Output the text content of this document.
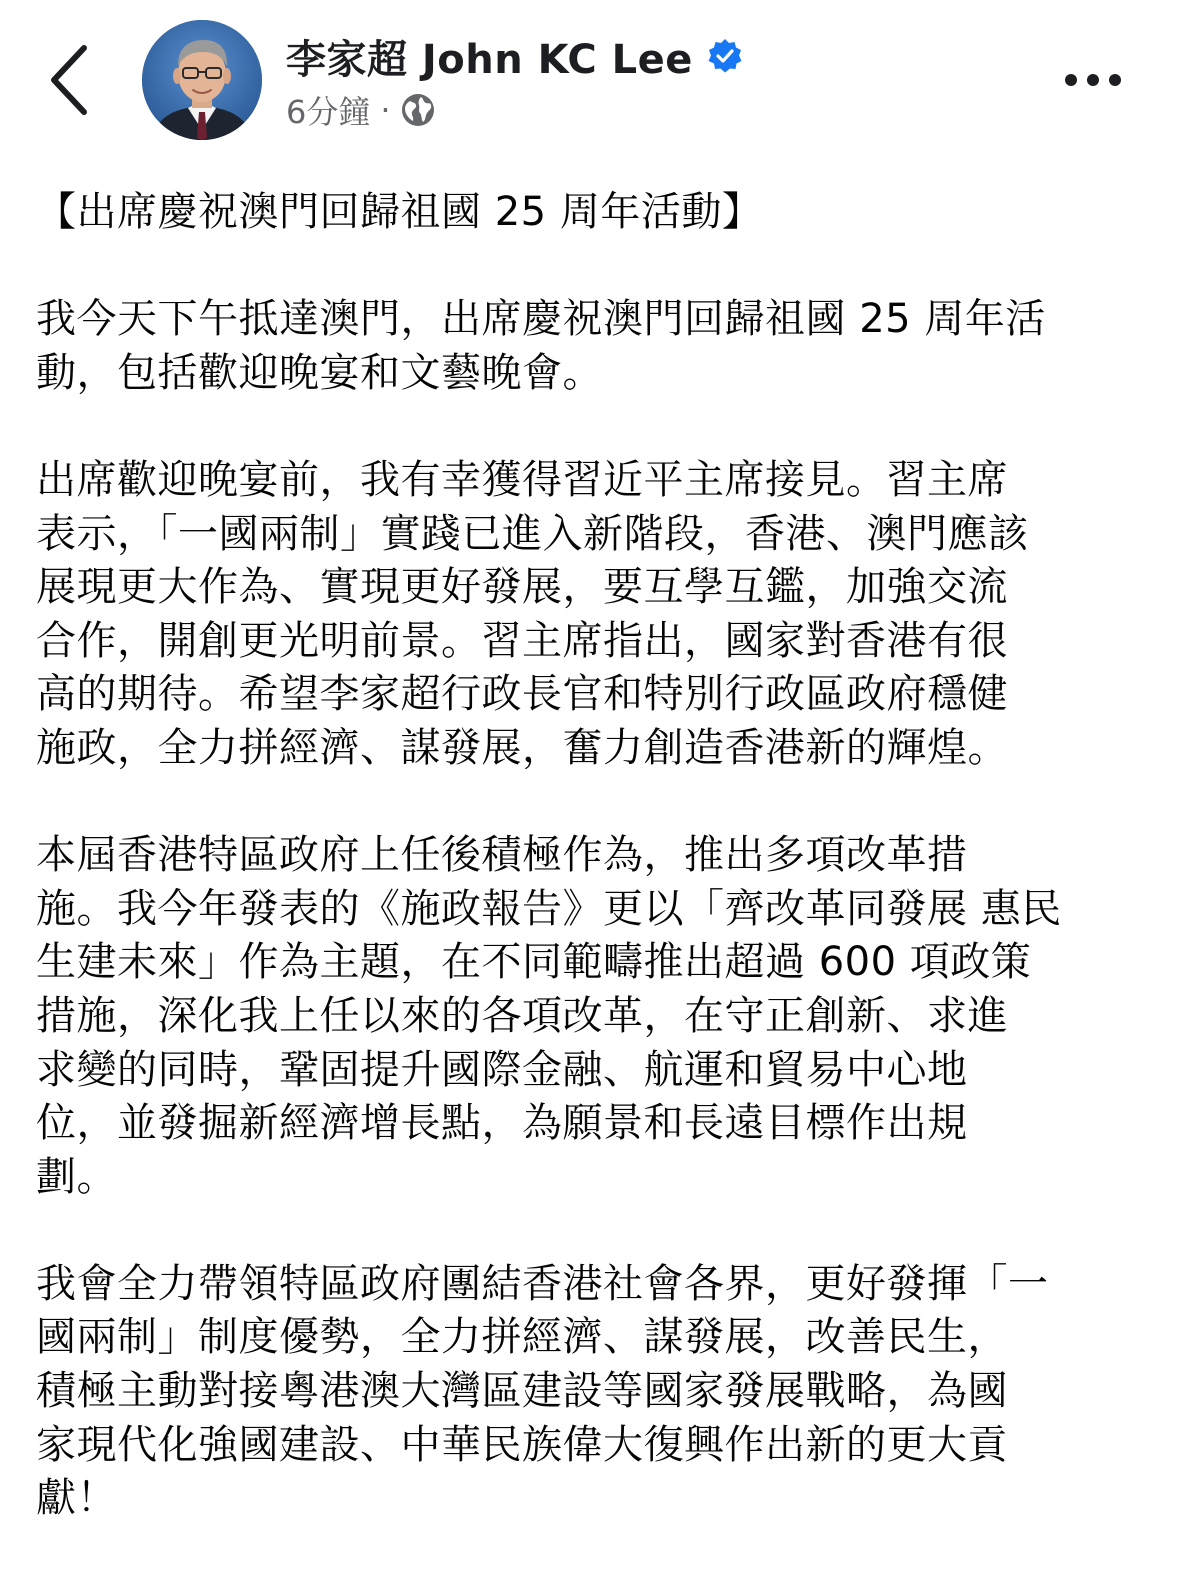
李家超 John KC Lee
6分鐘 ·
【出席慶祝澳門回歸祖國 25 周年活動】
我今天下午抵達澳門，出席慶祝澳門回歸祖國 25 周年活
動，包括歡迎晚宴和文藝晚會。
出席歡迎晚宴前，我有幸獲得習近平主席接見。習主席
表示，「一國兩制」實踐已進入新階段，香港、澳門應該
展現更大作為、實現更好發展，要互學互鑑，加強交流
合作，開創更光明前景。習主席指出，國家對香港有很
高的期待。希望李家超行政長官和特別行政區政府穩健
施政，全力拼經濟、謀發展，奮力創造香港新的輝煌。
本屆香港特區政府上任後積極作為，推出多項改革措
施。我今年發表的《施政報告》更以「齊改革同發展 惠民
生建未來」作為主題，在不同範疇推出超過 600 項政策
措施，深化我上任以來的各項改革，在守正創新、求進
求變的同時，鞏固提升國際金融、航運和貿易中心地
位，並發掘新經濟增長點，為願景和長遠目標作出規
劃。
我會全力帶領特區政府團結香港社會各界，更好發揮「一
國兩制」制度優勢，全力拼經濟、謀發展，改善民生，
積極主動對接粵港澳大灣區建設等國家發展戰略，為國
家現代化強國建設、中華民族偉大復興作出新的更大貢
獻！
